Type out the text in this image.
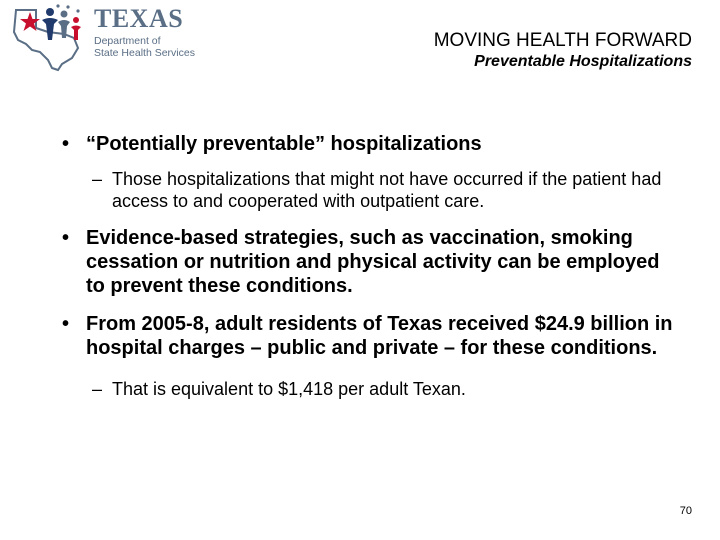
TEXAS
Department of
State Health Services
MOVING HEALTH FORWARD
Preventable Hospitalizations
• “Potentially preventable” hospitalizations
– Those hospitalizations that might not have occurred if the patient had access to and cooperated with outpatient care.
• Evidence-based strategies, such as vaccination, smoking cessation or nutrition and physical activity can be employed to prevent these conditions.
• From 2005-8, adult residents of Texas received $24.9 billion in hospital charges – public and private – for these conditions.
– That is equivalent to $1,418 per adult Texan.
70
